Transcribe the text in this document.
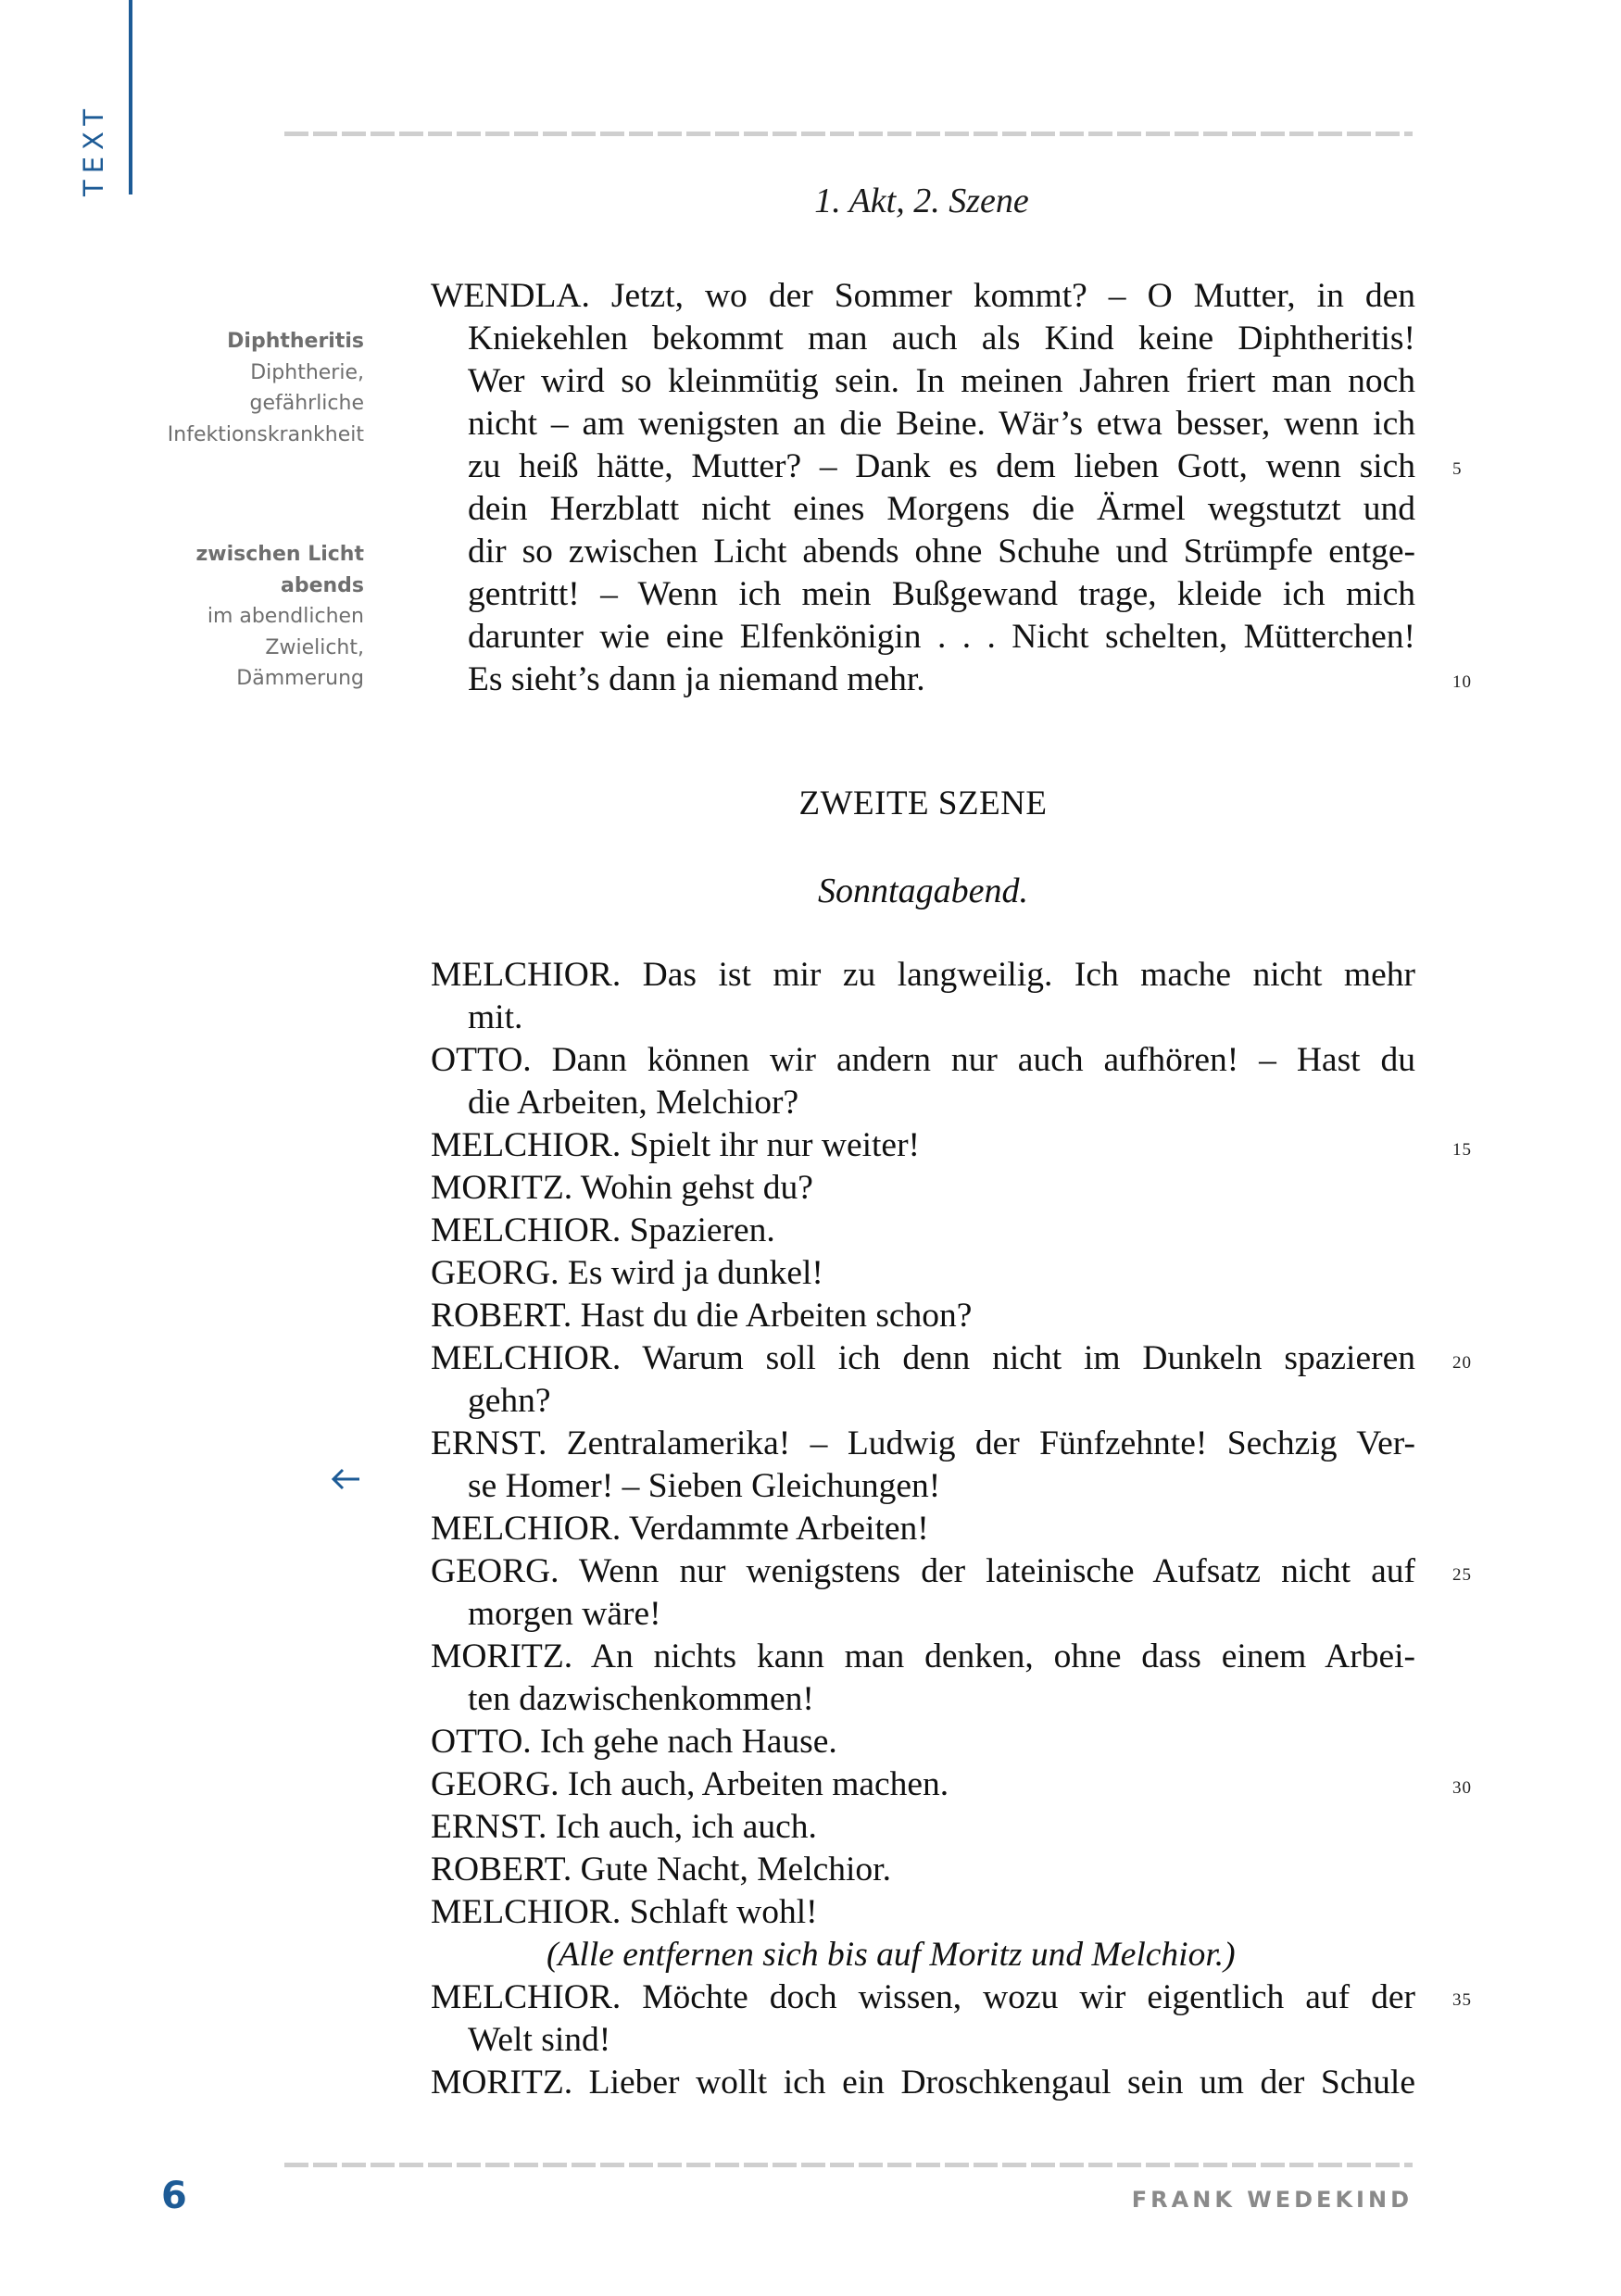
TEXT
1. Akt, 2. Szene
Diphtheritis
Diphtherie,
gefährliche
Infektionskrankheit
zwischen Licht
abends
im abendlichen
Zwielicht,
Dämmerung
WENDLA. Jetzt, wo der Sommer kommt? – O Mutter, in den
Kniekehlen bekommt man auch als Kind keine Diphtheritis!
Wer wird so kleinmütig sein. In meinen Jahren friert man noch
nicht – am wenigsten an die Beine. Wär’s etwa besser, wenn ich
zu heiß hätte, Mutter? – Dank es dem lieben Gott, wenn sich
dein Herzblatt nicht eines Morgens die Ärmel wegstutzt und
dir so zwischen Licht abends ohne Schuhe und Strümpfe entge-
gentritt! – Wenn ich mein Bußgewand trage, kleide ich mich
darunter wie eine Elfenkönigin . . . Nicht schelten, Mütterchen!
Es sieht’s dann ja niemand mehr.
ZWEITE SZENE
Sonntagabend.
MELCHIOR. Das ist mir zu langweilig. Ich mache nicht mehr
mit.
OTTO. Dann können wir andern nur auch aufhören! – Hast du
die Arbeiten, Melchior?
MELCHIOR. Spielt ihr nur weiter!
MORITZ. Wohin gehst du?
MELCHIOR. Spazieren.
GEORG. Es wird ja dunkel!
ROBERT. Hast du die Arbeiten schon?
MELCHIOR. Warum soll ich denn nicht im Dunkeln spazieren
gehn?
ERNST. Zentralamerika! – Ludwig der Fünfzehnte! Sechzig Ver-
se Homer! – Sieben Gleichungen!
MELCHIOR. Verdammte Arbeiten!
GEORG. Wenn nur wenigstens der lateinische Aufsatz nicht auf
morgen wäre!
MORITZ. An nichts kann man denken, ohne dass einem Arbei-
ten dazwischenkommen!
OTTO. Ich gehe nach Hause.
GEORG. Ich auch, Arbeiten machen.
ERNST. Ich auch, ich auch.
ROBERT. Gute Nacht, Melchior.
MELCHIOR. Schlaft wohl!
(Alle entfernen sich bis auf Moritz und Melchior.)
MELCHIOR. Möchte doch wissen, wozu wir eigentlich auf der
Welt sind!
MORITZ. Lieber wollt ich ein Droschkengaul sein um der Schule
5
10
15
20
25
30
35
6	FRANK WEDEKIND
